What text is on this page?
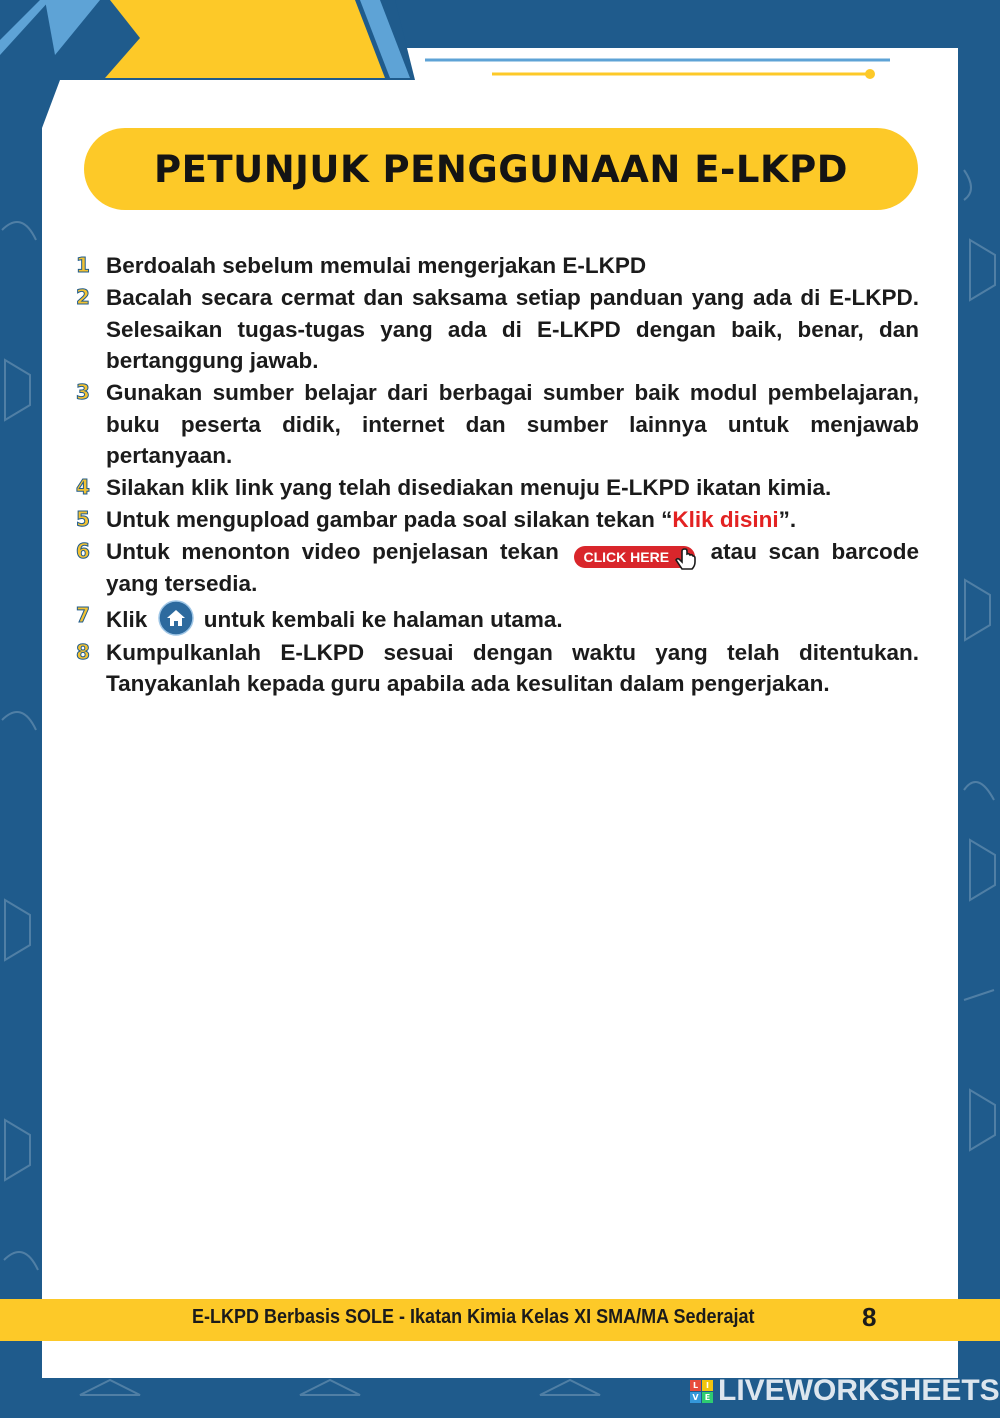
PETUNJUK PENGGUNAAN E-LKPD
1 Berdoalah sebelum memulai mengerjakan E-LKPD
2 Bacalah secara cermat dan saksama setiap panduan yang ada di E-LKPD. Selesaikan tugas-tugas yang ada di E-LKPD dengan baik, benar, dan bertanggung jawab.
3 Gunakan sumber belajar dari berbagai sumber baik modul pembelajaran, buku peserta didik, internet dan sumber lainnya untuk menjawab pertanyaan.
4 Silakan klik link yang telah disediakan menuju E-LKPD ikatan kimia.
5 Untuk mengupload gambar pada soal silakan tekan “Klik disini”.
6 Untuk menonton video penjelasan tekan CLICK HERE atau scan barcode yang tersedia.
7 Klik	untuk kembali ke halaman utama.
8 Kumpulkanlah E-LKPD sesuai dengan waktu yang telah ditentukan. Tanyakanlah kepada guru apabila ada kesulitan dalam pengerjakan.
E-LKPD Berbasis SOLE - Ikatan Kimia Kelas XI SMA/MA Sederajat	8
L I
V E LIVEWORKSHEETS
